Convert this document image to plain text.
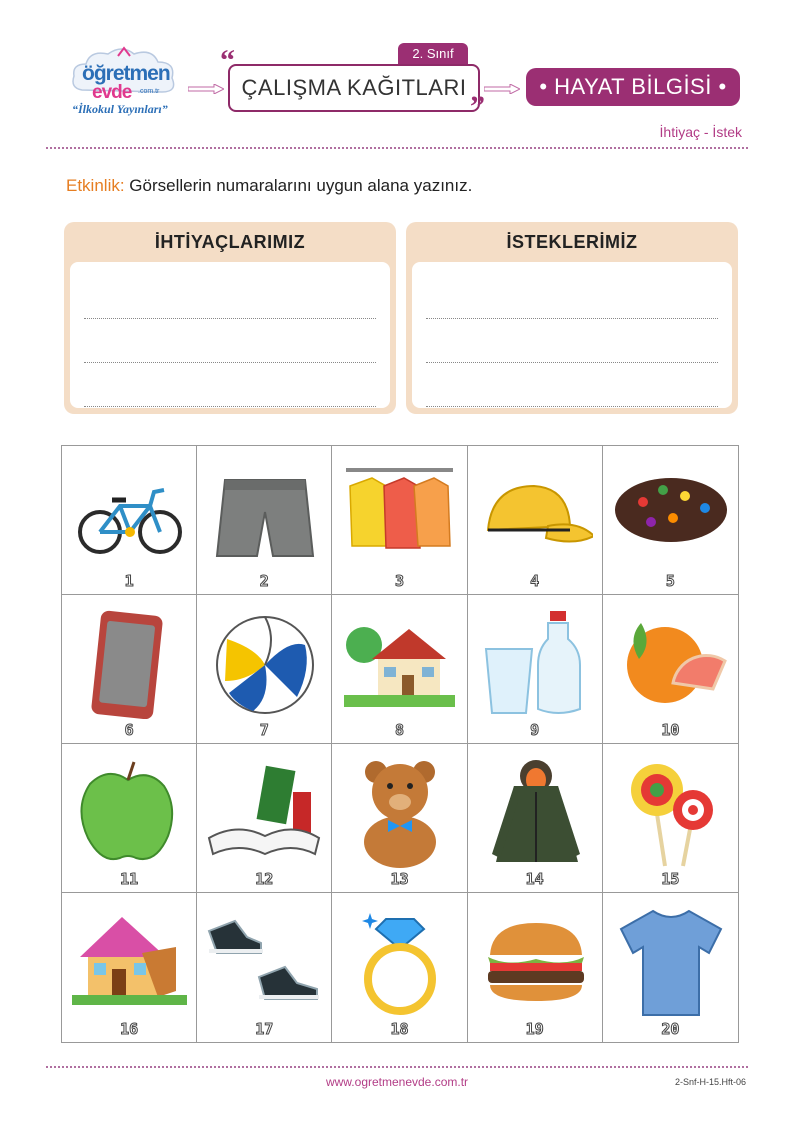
öğretmen
evde .com.tr
“İlkokul Yayınları”
“	2. Sınıf
ÇALIŞMA KAĞITLARI
”
• HAYAT BİLGİSİ •
İhtiyaç - İstek
Etkinlik: Görsellerin numaralarını uygun alana yazınız.
İHTİYAÇLARIMIZ	İSTEKLERİMİZ
1	2	3	4	5
6	7	8	9	10
11	12	13	14	15
16	17	18	19	20
www.ogretmenevde.com.tr	2-Snf-H-15.Hft-06
